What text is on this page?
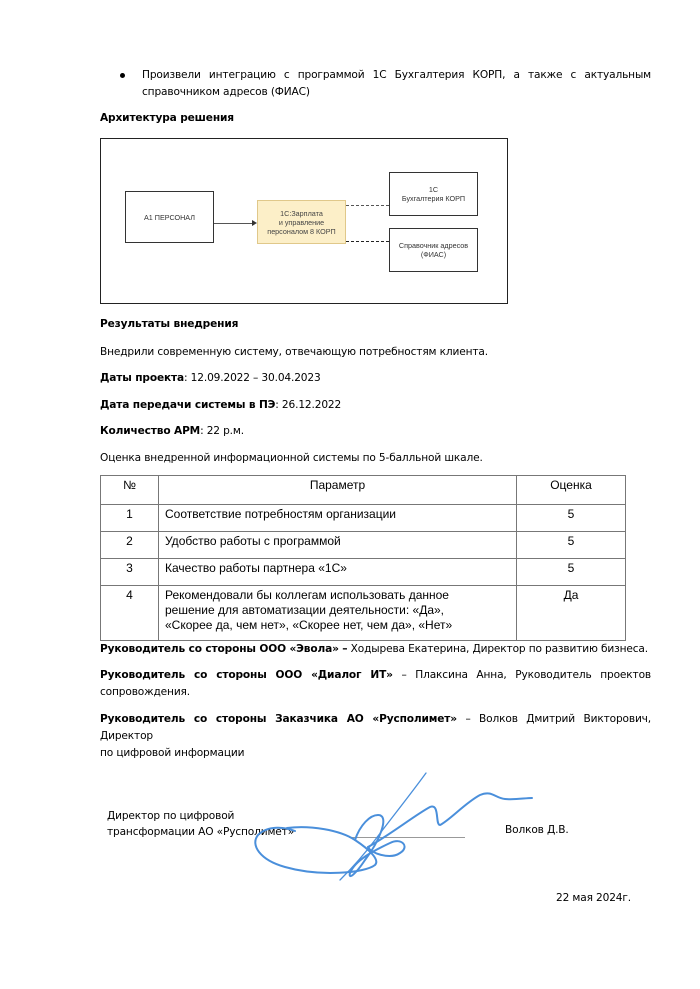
Произвели интеграцию с программой 1С Бухгалтерия КОРП, а также с актуальным
справочником адресов (ФИАС)
Архитектура решения
А1 ПЕРСОНАЛ	1С:Зарплата
и управление
персоналом 8 КОРП
1С
Бухгалтерия КОРП
Справочник адресов
(ФИАС)
Результаты внедрения
Внедрили современную систему, отвечающую потребностям клиента.
Даты проекта: 12.09.2022 – 30.04.2023
Дата передачи системы в ПЭ: 26.12.2022
Количество АРМ: 22 р.м.
Оценка внедренной информационной системы по 5-балльной шкале.
№	Параметр	Оценка
1	Соответствие потребностям организации	5
2	Удобство работы с программой	5
3	Качество работы партнера «1С»	5
4	Рекомендовали бы коллегам использовать данное
решение для автоматизации деятельности: «Да»,
«Скорее да, чем нет», «Скорее нет, чем да», «Нет»	Да
Руководитель со стороны ООО «Эвола» – Ходырева Екатерина, Директор по развитию бизнеса.
Руководитель со стороны ООО «Диалог ИТ» – Плаксина Анна, Руководитель проектов
сопровождения.
Руководитель со стороны Заказчика АО «Русполимет» – Волков Дмитрий Викторович, Директор
по цифровой информации
Директор по цифровой
трансформации АО «Русполимет»	Волков Д.В.
22 мая 2024г.
